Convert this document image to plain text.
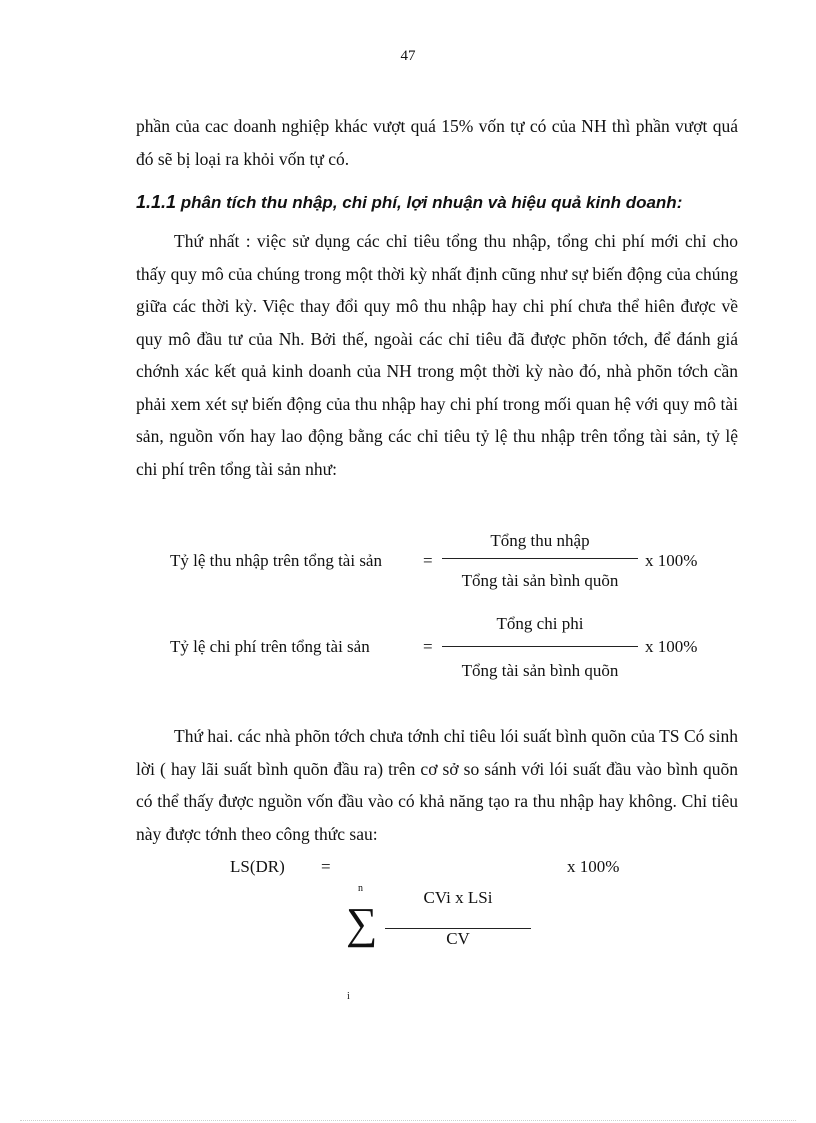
47

phần của cac doanh nghiệp khác vượt quá 15% vốn tự có của NH thì phần vượt quá đó sẽ bị loại ra khỏi vốn tự có.

1.1.1 phân tích thu nhập, chi phí, lợi nhuận và hiệu quả kinh doanh:

Thứ nhất : việc sử dụng các chỉ tiêu tổng thu nhập, tổng chi phí mới chỉ cho thấy quy mô của chúng trong một thời kỳ nhất định cũng như sự biến động của chúng giữa các thời kỳ. Việc thay đổi quy mô thu nhập hay chi phí chưa thể hiên được về quy mô đầu tư của Nh. Bởi thế, ngoài các chỉ tiêu đã được phõn tớch, để đánh giá chớnh xác kết quả kinh doanh của NH trong một thời kỳ nào đó, nhà phõn tớch cần phải xem xét sự biến động của thu nhập hay chi phí trong mối quan hệ với quy mô tài sản, nguồn vốn hay lao động bằng các chỉ tiêu tỷ lệ thu nhập trên tổng tài sản, tỷ lệ chi phí trên tổng tài sản như:

Tỷ lệ thu nhập trên tổng tài sản =
Tổng thu nhập
Tổng tài sản bình quõn
x 100%
Tỷ lệ chi phí trên tổng tài sản	=
Tổng chi phi
Tổng tài sản bình quõn
x 100%

Thứ hai. các nhà phõn tớch chưa tớnh chỉ tiêu lói suất bình quõn của TS Có sinh lời ( hay lãi suất bình quõn đầu ra) trên cơ sở so sánh với lói suất đầu vào bình quõn có thể thấy được nguồn vốn đầu vào có khả năng tạo ra thu nhập hay không. Chỉ tiêu này được tớnh theo công thức sau:

LS(DR) =	x 100%
n
∑
CVi x LSi
CV
i
